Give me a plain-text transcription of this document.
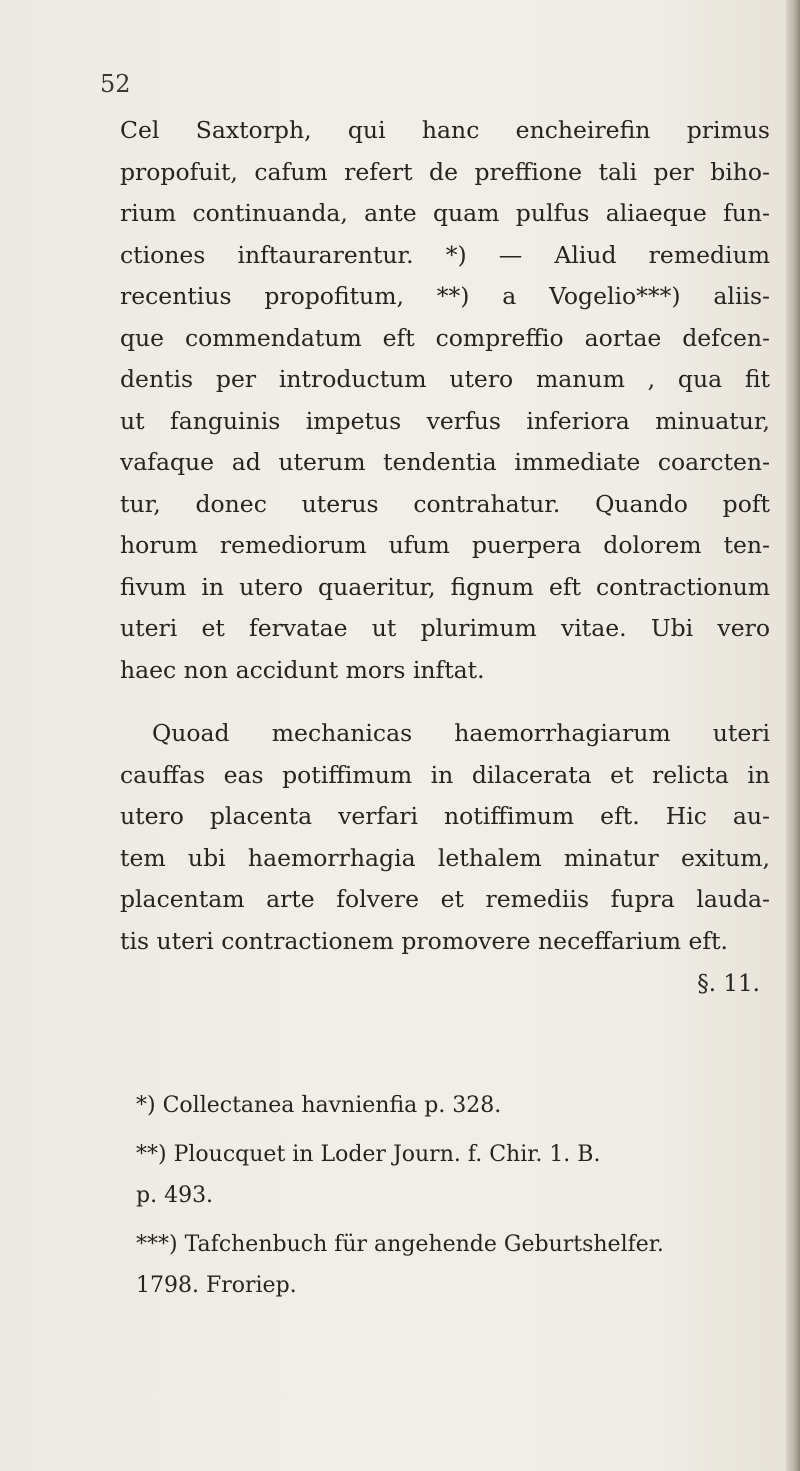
52
Cel Saxtorph, qui hanc encheirefin primus
propofuit, cafum refert de preffione tali per biho-
rium continuanda, ante quam pulfus aliaeque fun-
ctiones inftaurarentur. *) — Aliud remedium
recentius propofitum, **) a Vogelio***) aliis-
que commendatum eft compreffio aortae defcen-
dentis per introductum utero manum , qua fit
ut fanguinis impetus verfus inferiora minuatur,
vafaque ad uterum tendentia immediate coarcten-
tur, donec uterus contrahatur. Quando poft
horum remediorum ufum puerpera dolorem ten-
fivum in utero quaeritur, fignum eft contractionum
uteri et fervatae ut plurimum vitae. Ubi vero
haec non accidunt mors inftat.
Quoad mechanicas haemorrhagiarum uteri
cauffas eas potiffimum in dilacerata et relicta in
utero placenta verfari notiffimum eft. Hic au-
tem ubi haemorrhagia lethalem minatur exitum,
placentam arte folvere et remediis fupra lauda-
tis uteri contractionem promovere neceffarium eft.
§. 11.
*) Collectanea havnienfia p. 328.
**) Ploucquet in Loder Journ. f. Chir. 1. B.
p. 493.
***) Tafchenbuch für angehende Geburtshelfer.
1798. Froriep.
